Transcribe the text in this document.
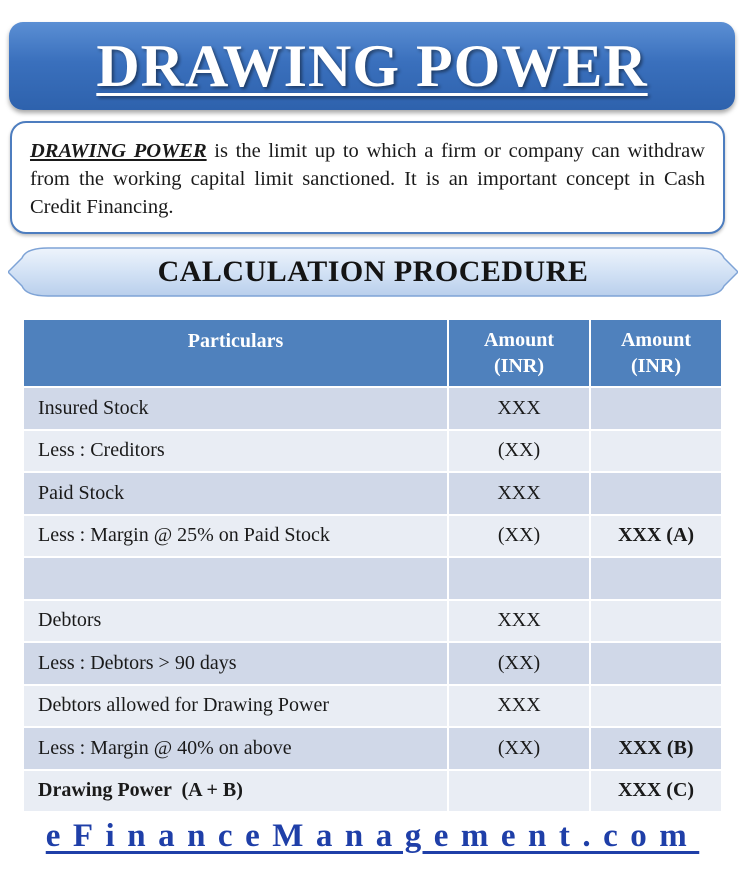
DRAWING POWER
DRAWING POWER is the limit up to which a firm or company can withdraw from the working capital limit sanctioned. It is an important concept in Cash Credit Financing.
CALCULATION PROCEDURE
Particulars	Amount (INR)	Amount (INR)
Insured Stock	XXX	
Less : Creditors	(XX)	
Paid Stock	XXX	
Less : Margin @ 25% on Paid Stock	(XX)	XXX (A)

Debtors	XXX	
Less : Debtors > 90 days	(XX)	
Debtors allowed for Drawing Power	XXX	
Less : Margin @ 40% on above	(XX)	XXX (B)
Drawing Power  (A + B)		XXX (C)
eFinanceManagement.com
